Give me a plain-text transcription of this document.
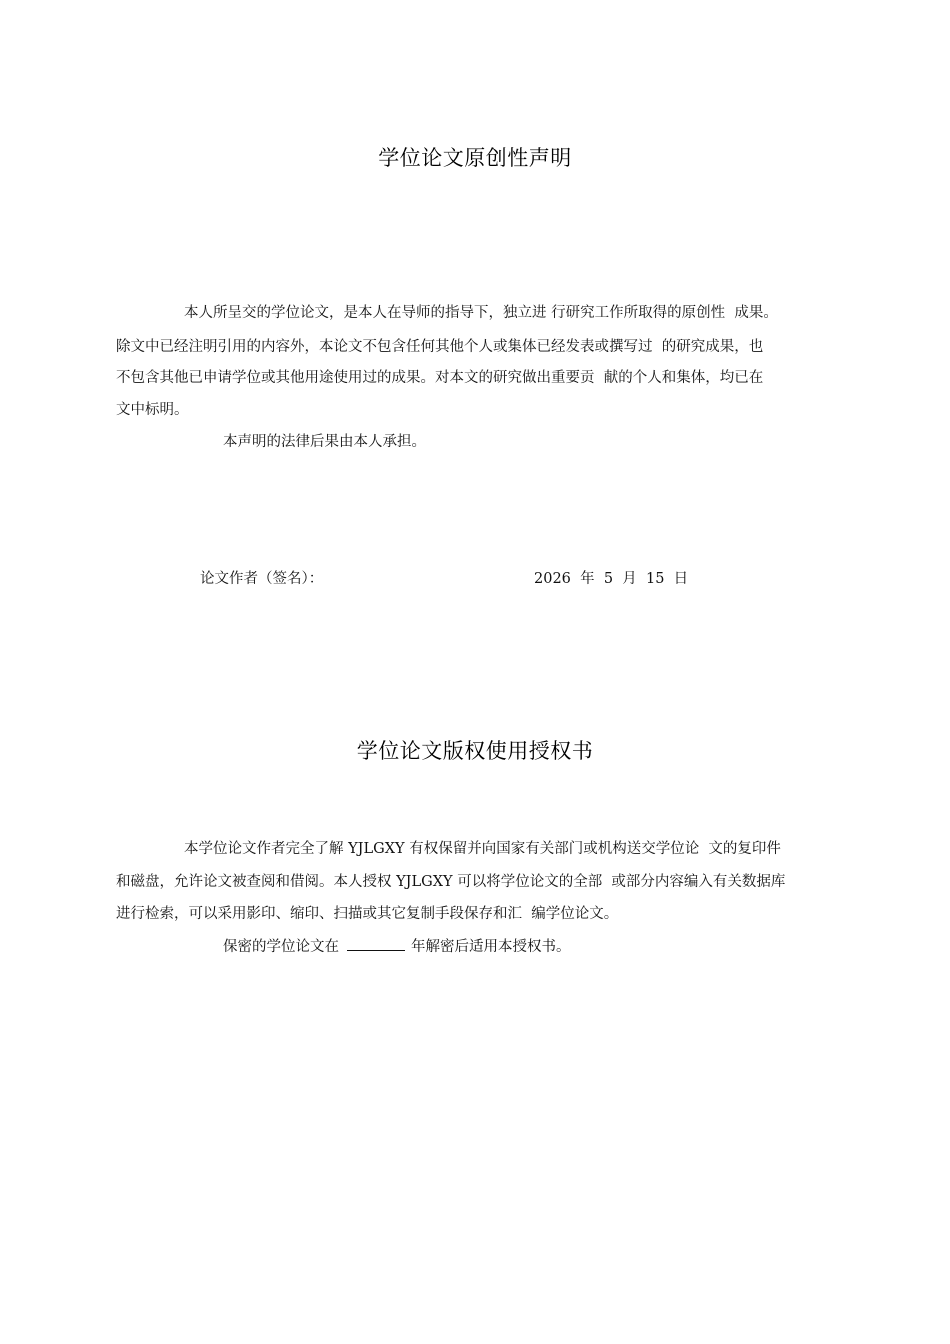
学位论文原创性声明
本人所呈交的学位论文，是本人在导师的指导下，独立进 行研究工作所取得的原创性  成果。
除文中已经注明引用的内容外，本论文不包含任何其他个人或集体已经发表或撰写过  的研究成果，也
不包含其他已申请学位或其他用途使用过的成果。对本文的研究做出重要贡  献的个人和集体，均已在
文中标明。
本声明的法律后果由本人承担。
论文作者（签名）：	2026  年  5  月  15  日
学位论文版权使用授权书
本学位论文作者完全了解 YJLGXY 有权保留并向国家有关部门或机构送交学位论  文的复印件
和磁盘，允许论文被查阅和借阅。本人授权 YJLGXY 可以将学位论文的全部  或部分内容编入有关数据库
进行检索，可以采用影印、缩印、扫描或其它复制手段保存和汇  编学位论文。
保密的学位论文在	年解密后适用本授权书。
